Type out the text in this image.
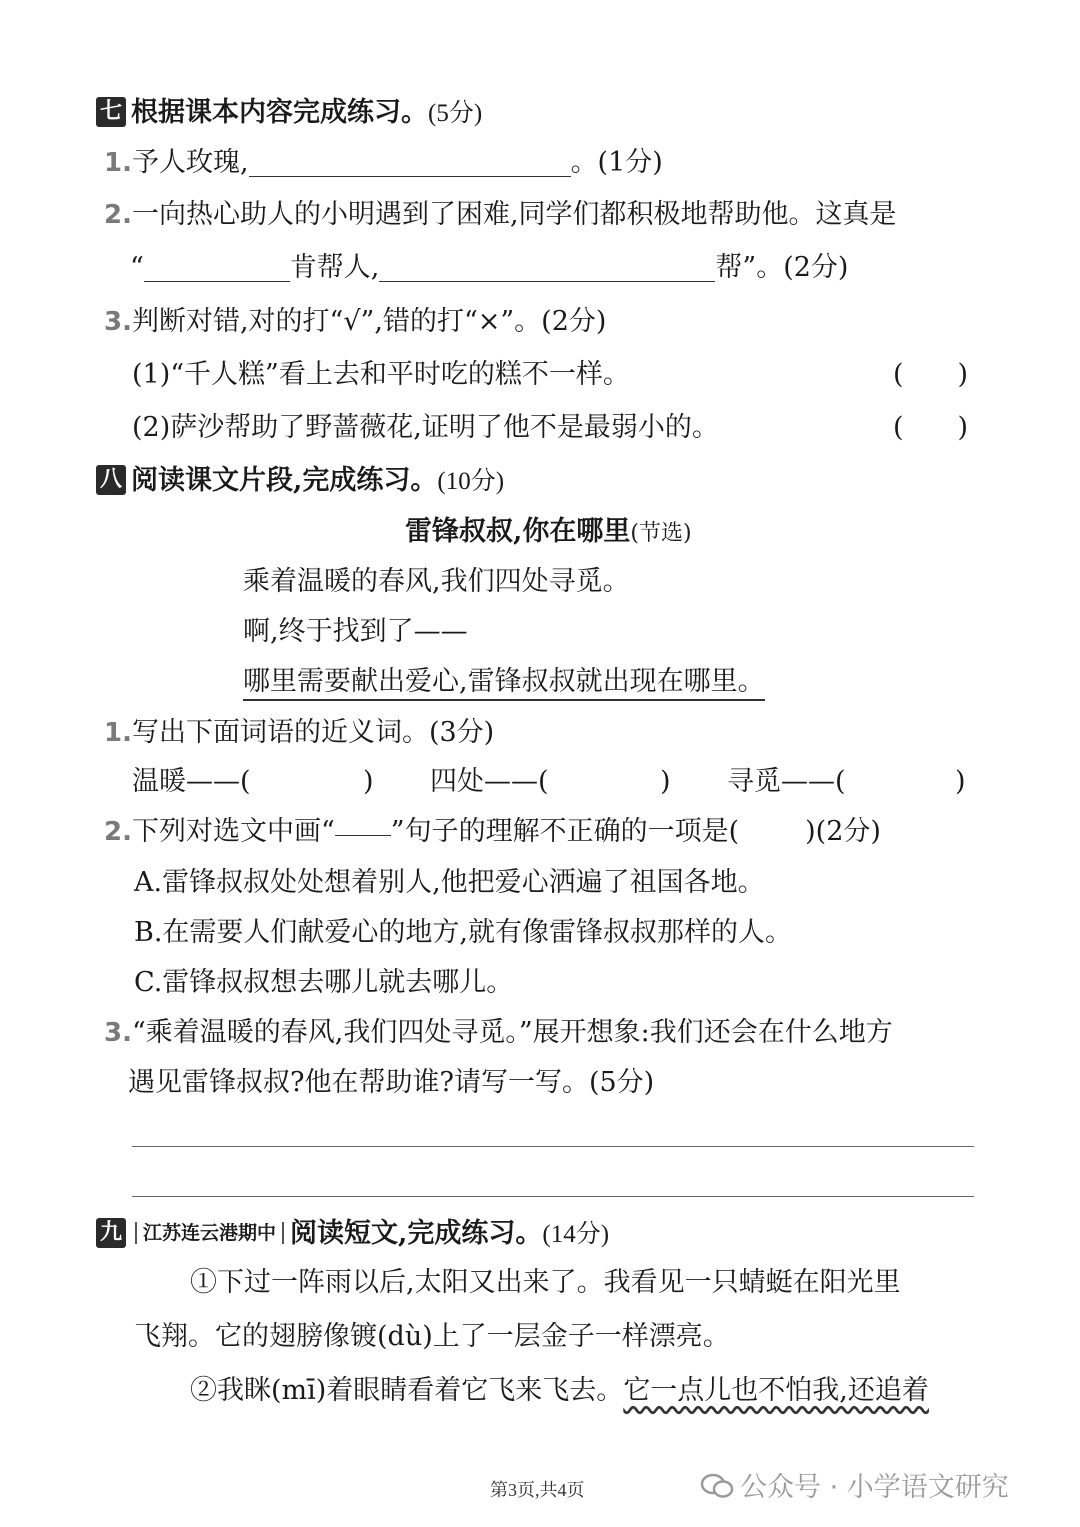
七 根据课本内容完成练习。(5分)
1.予人玫瑰,	。(1分)
2.一向热心助人的小明遇到了困难,同学们都积极地帮助他。这真是
“	肯帮人,	帮”。(2分)
3.判断对错,对的打“√”,错的打“×”。(2分)
(1)“千人糕”看上去和平时吃的糕不一样。	(　　)
(2)萨沙帮助了野蔷薇花,证明了他不是最弱小的。	(　　)
八 阅读课文片段,完成练习。(10分)
雷锋叔叔,你在哪里(节选)
乘着温暖的春风,我们四处寻觅。
啊,终于找到了——
哪里需要献出爱心,雷锋叔叔就出现在哪里。
1.写出下面词语的近义词。(3分)
温暖——(	) 四处——(	) 寻觅——(	)
2.下列对选文中画“ ”句子的理解不正确的一项是( )(2分)
A.雷锋叔叔处处想着别人,他把爱心洒遍了祖国各地。
B.在需要人们献爱心的地方,就有像雷锋叔叔那样的人。
C.雷锋叔叔想去哪儿就去哪儿。
3.“乘着温暖的春风,我们四处寻觅。”展开想象:我们还会在什么地方
遇见雷锋叔叔?他在帮助谁?请写一写。(5分)
九 江苏连云港期中 阅读短文,完成练习。(14分)
①下过一阵雨以后,太阳又出来了。我看见一只蜻蜓在阳光里
飞翔。它的翅膀像镀(dù)上了一层金子一样漂亮。
②我眯(mī)着眼睛看着它飞来飞去。它一点儿也不怕我,还追着
第3页,共4页	公众号 · 小学语文研究
